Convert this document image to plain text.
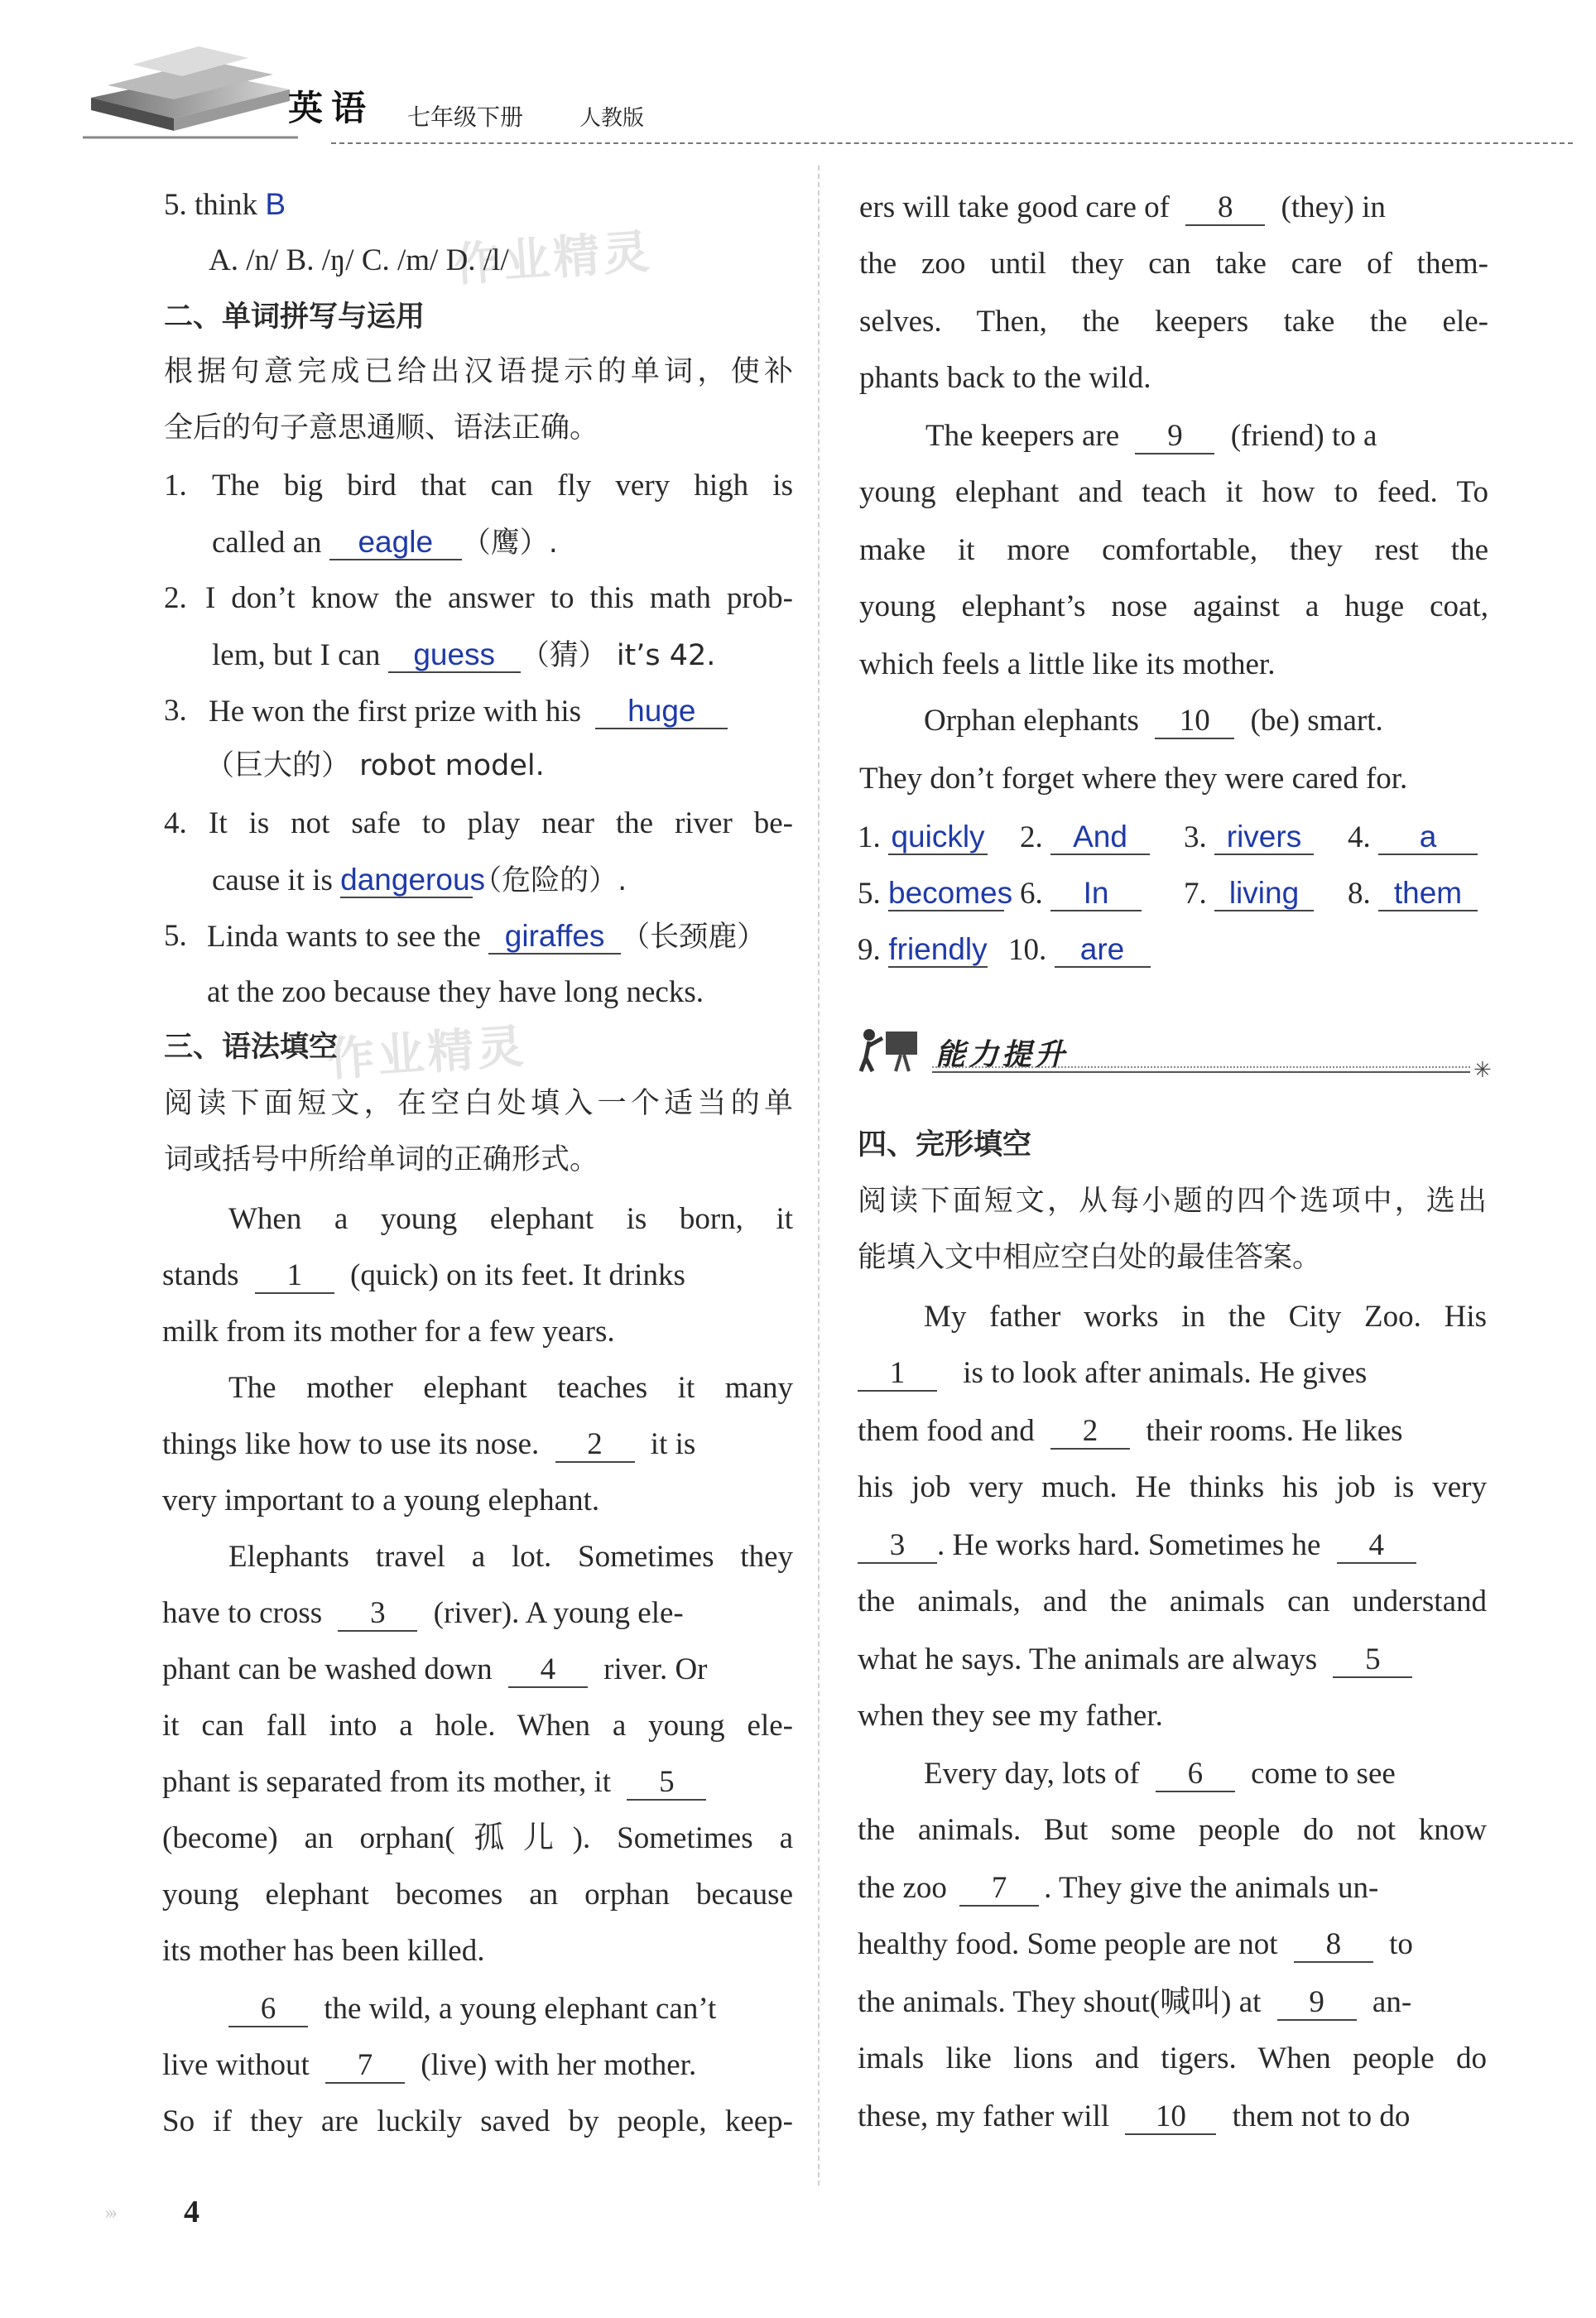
英语 七年级下册	人教版
作业精灵
作业精灵
5. think B
A. /n/ B. /ŋ/ C. /m/ D. /l/
二、单词拼写与运用
根据句意完成已给出汉语提示的单词，使补
全后的句子意思通顺、语法正确。
1. The big bird that can fly very high is
called an eagle （鹰）.
2. I don’t know the answer to this math prob-
lem, but I can guess （猜） it’s 42.
3. He won the first prize with his huge
（巨大的） robot model.
4. It is not safe to play near the river be-
cause it is dangerous（危险的）.
5. Linda wants to see the giraffes （长颈鹿）
at the zoo because they have long necks.
三、语法填空
阅读下面短文，在空白处填入一个适当的单
词或括号中所给单词的正确形式。
When a young elephant is born, it
stands 1 (quick) on its feet. It drinks
milk from its mother for a few years.
The mother elephant teaches it many
things like how to use its nose. 2 it is
very important to a young elephant.
Elephants travel a lot. Sometimes they
have to cross 3 (river). A young ele-
phant can be washed down 4 river. Or
it can fall into a hole. When a young ele-
phant is separated from its mother, it 5
(become) an orphan(孤儿). Sometimes a
young elephant becomes an orphan because
its mother has been killed.
6 the wild, a young elephant can’t
live without 7 (live) with her mother.
So if they are luckily saved by people, keep-
ers will take good care of 8 (they) in
the zoo until they can take care of them-
selves. Then, the keepers take the ele-
phants back to the wild.
The keepers are 9 (friend) to a
young elephant and teach it how to feed. To
make it more comfortable, they rest the
young elephant’s nose against a huge coat,
which feels a little like its mother.
Orphan elephants 10 (be) smart.
They don’t forget where they were cared for.
1. quickly 2. And	3. rivers	4. a
5. becomes 6. In	7. living	8. them
9. friendly 10. are
能力提升	✳
四、完形填空
阅读下面短文，从每小题的四个选项中，选出
能填入文中相应空白处的最佳答案。
My father works in the City Zoo. His
1 is to look after animals. He gives
them food and 2 their rooms. He likes
his job very much. He thinks his job is very
3 . He works hard. Sometimes he 4
the animals, and the animals can understand
what he says. The animals are always 5
when they see my father.
Every day, lots of 6 come to see
the animals. But some people do not know
the zoo 7 . They give the animals un-
healthy food. Some people are not 8 to
the animals. They shout(喊叫) at 9 an-
imals like lions and tigers. When people do
these, my father will 10 them not to do
››› 4
